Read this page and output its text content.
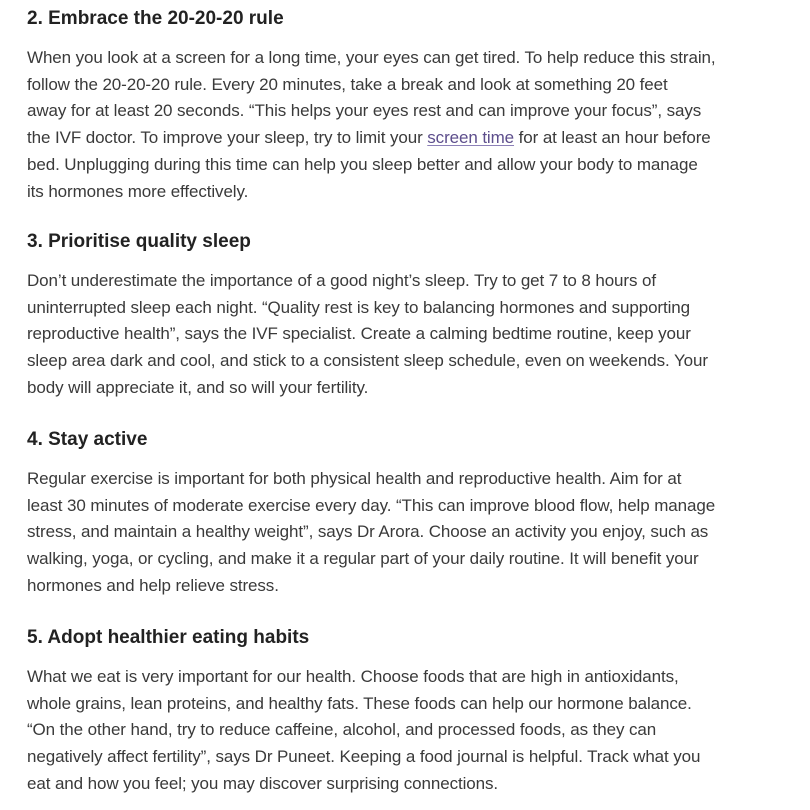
2. Embrace the 20-20-20 rule

When you look at a screen for a long time, your eyes can get tired. To help reduce this strain,
follow the 20-20-20 rule. Every 20 minutes, take a break and look at something 20 feet
away for at least 20 seconds. “This helps your eyes rest and can improve your focus”, says
the IVF doctor. To improve your sleep, try to limit your screen time for at least an hour before
bed. Unplugging during this time can help you sleep better and allow your body to manage
its hormones more effectively.

3. Prioritise quality sleep

Don’t underestimate the importance of a good night’s sleep. Try to get 7 to 8 hours of
uninterrupted sleep each night. “Quality rest is key to balancing hormones and supporting
reproductive health”, says the IVF specialist. Create a calming bedtime routine, keep your
sleep area dark and cool, and stick to a consistent sleep schedule, even on weekends. Your
body will appreciate it, and so will your fertility.

4. Stay active

Regular exercise is important for both physical health and reproductive health. Aim for at
least 30 minutes of moderate exercise every day. “This can improve blood flow, help manage
stress, and maintain a healthy weight”, says Dr Arora. Choose an activity you enjoy, such as
walking, yoga, or cycling, and make it a regular part of your daily routine. It will benefit your
hormones and help relieve stress.

5. Adopt healthier eating habits

What we eat is very important for our health. Choose foods that are high in antioxidants,
whole grains, lean proteins, and healthy fats. These foods can help our hormone balance.
“On the other hand, try to reduce caffeine, alcohol, and processed foods, as they can
negatively affect fertility”, says Dr Puneet. Keeping a food journal is helpful. Track what you
eat and how you feel; you may discover surprising connections.
